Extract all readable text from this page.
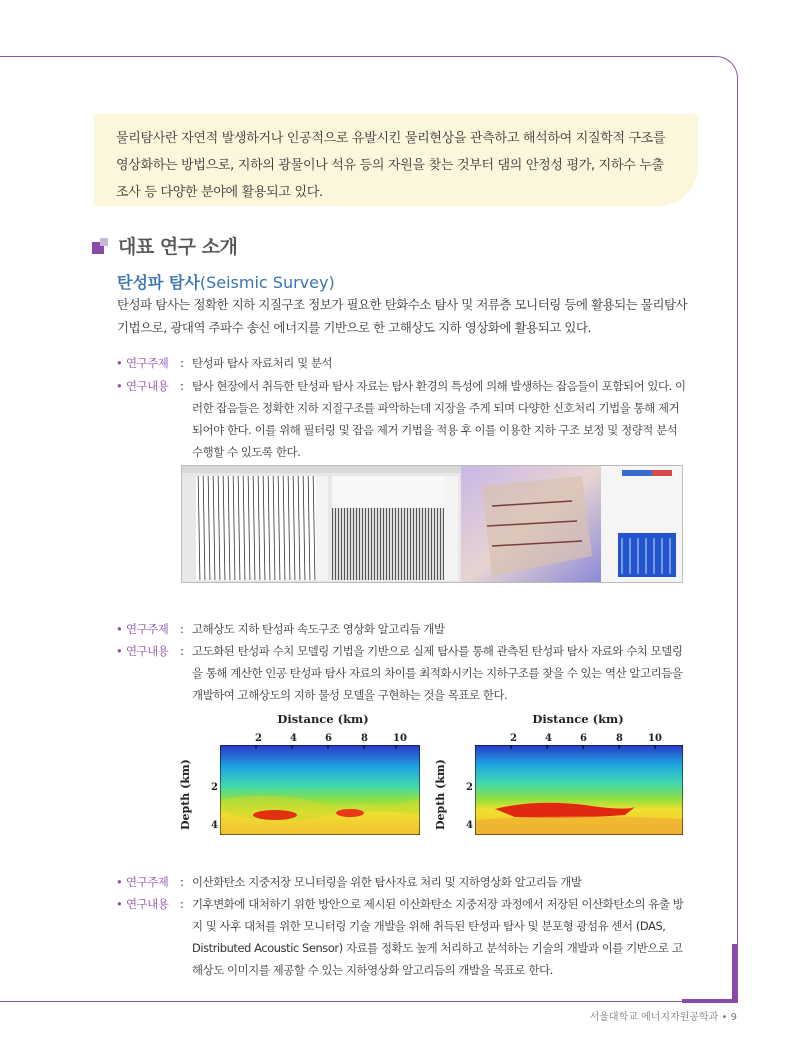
물리탐사란 자연적 발생하거나 인공적으로 유발시킨 물리현상을 관측하고 해석하여 지질학적 구조를 영상화하는 방법으로, 지하의 광물이나 석유 등의 자원을 찾는 것부터 댐의 안정성 평가, 지하수 누출 조사 등 다양한 분야에 활용되고 있다.

대표 연구 소개
탄성파 탐사(Seismic Survey)
탄성파 탐사는 정확한 지하 지질구조 정보가 필요한 탄화수소 탐사 및 저류층 모니터링 등에 활용되는 물리탐사 기법으로, 광대역 주파수 송신 에너지를 기반으로 한 고해상도 지하 영상화에 활용되고 있다.
• 연구주제	: 탄성파 탐사 자료처리 및 분석
• 연구내용	: 탐사 현장에서 취득한 탄성파 탐사 자료는 탐사 환경의 특성에 의해 발생하는 잡음들이 포함되어 있다. 이러한 잡음들은 정확한 지하 지질구조를 파악하는데 지장을 주게 되며 다양한 신호처리 기법을 통해 제거되어야 한다. 이를 위해 필터링 및 잡음 제거 기법을 적용 후 이를 이용한 지하 구조 보정 및 정량적 분석 수행할 수 있도록 한다.
• 연구주제	: 고해상도 지하 탄성파 속도구조 영상화 알고리듬 개발
• 연구내용	: 고도화된 탄성파 수치 모델링 기법을 기반으로 실제 탐사를 통해 관측된 탄성파 탐사 자료와 수치 모델링을 통해 계산한 인공 탄성파 탐사 자료의 차이를 최적화시키는 지하구조를 찾을 수 있는 역산 알고리듬을 개발하여 고해상도의 지하 물성 모델을 구현하는 것을 목표로 한다.
Distance (km)
Depth (km)
2	4	6	8	10
2
4
Distance (km)
Depth (km)
2	4	6	8	10
2
4
• 연구주제	: 이산화탄소 지중저장 모니터링을 위한 탐사자료 처리 및 지하영상화 알고리듬 개발
• 연구내용	: 기후변화에 대처하기 위한 방안으로 제시된 이산화탄소 지중저장 과정에서 저장된 이산화탄소의 유출 방지 및 사후 대처를 위한 모니터링 기술 개발을 위해 취득된 탄성파 탐사 및 분포형 광섬유 센서 (DAS, Distributed Acoustic Sensor) 자료를 정확도 높게 처리하고 분석하는 기술의 개발과 이를 기반으로 고해상도 이미지를 제공할 수 있는 지하영상화 알고리듬의 개발을 목표로 한다.
서울대학교 에너지자원공학과 • 9
